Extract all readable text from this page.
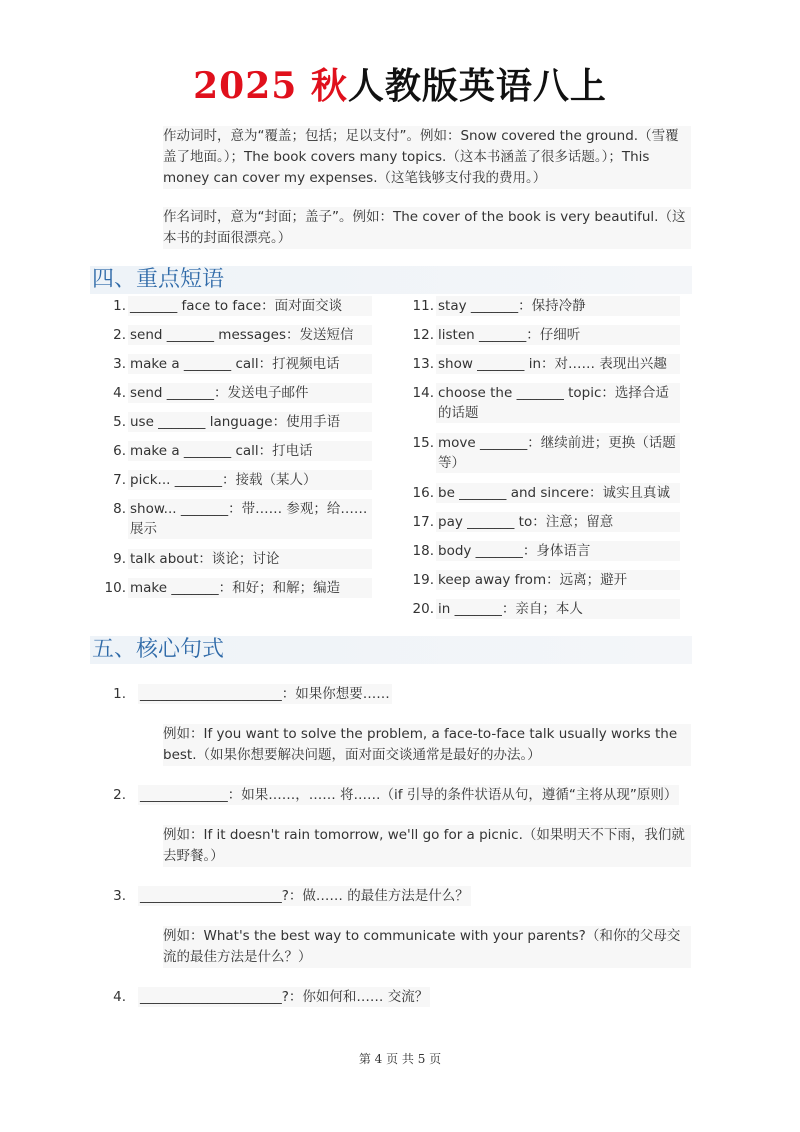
2025 秋人教版英语八上
作动词时，意为“覆盖；包括；足以支付”。例如：Snow covered the ground.（雪覆盖了地面。）；The book covers many topics.（这本书涵盖了很多话题。）；This money can cover my expenses.（这笔钱够支付我的费用。）
作名词时，意为“封面；盖子”。例如：The cover of the book is very beautiful.（这本书的封面很漂亮。）
四、重点短语
1. _______ face to face：面对面交谈
2. send _______ messages：发送短信
3. make a _______ call：打视频电话
4. send _______：发送电子邮件
5. use _______ language：使用手语
6. make a _______ call：打电话
7. pick... _______：接载（某人）
8. show... _______：带…… 参观；给…… 展示
9. talk about：谈论；讨论
10. make _______：和好；和解；编造
11. stay _______：保持冷静
12. listen _______：仔细听
13. show _______ in：对…… 表现出兴趣
14. choose the _______ topic：选择合适的话题
15. move _______：继续前进；更换（话题等）
16. be _______ and sincere：诚实且真诚
17. pay _______ to：注意；留意
18. body _______：身体语言
19. keep away from：远离；避开
20. in _______：亲自；本人
五、核心句式
1. _____________________：如果你想要……
例如：If you want to solve the problem, a face-to-face talk usually works the best.（如果你想要解决问题，面对面交谈通常是最好的办法。）
2. _____________：如果……，…… 将……（if 引导的条件状语从句，遵循“主将从现”原则）
例如：If it doesn't rain tomorrow, we'll go for a picnic.（如果明天不下雨，我们就去野餐。）
3. _____________________?：做…… 的最佳方法是什么？
例如：What's the best way to communicate with your parents?（和你的父母交流的最佳方法是什么？）
4. _____________________?：你如何和…… 交流？
第 4 页 共 5 页
